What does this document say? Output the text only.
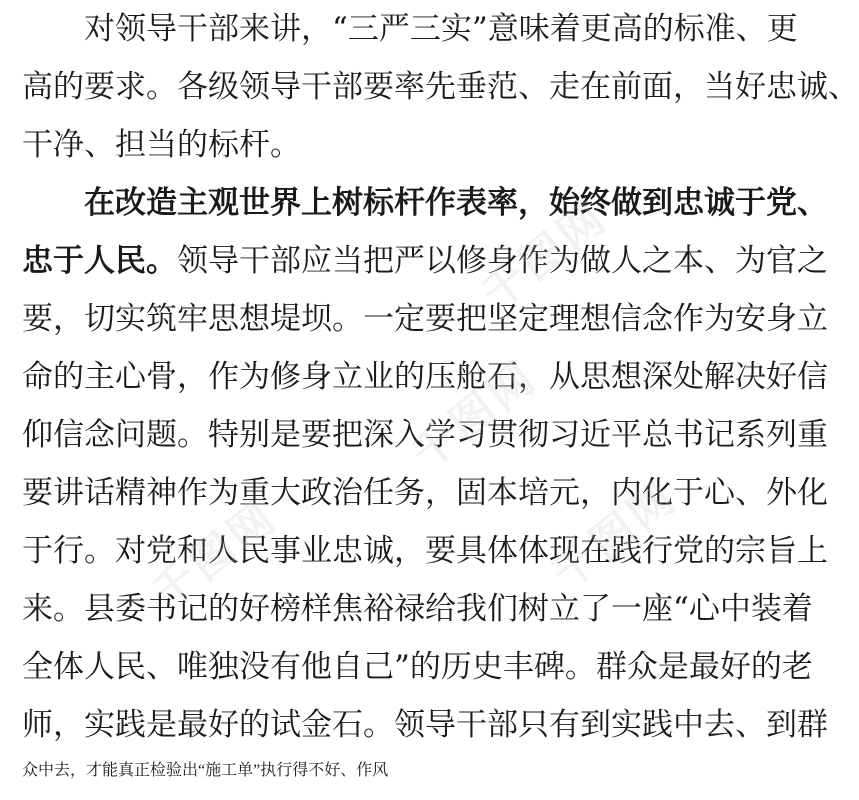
对领导干部来讲，“三严三实”意味着更高的标准、更
高的要求。各级领导干部要率先垂范、走在前面，当好忠诚、
干净、担当的标杆。
在改造主观世界上树标杆作表率，始终做到忠诚于党、
忠于人民。领导干部应当把严以修身作为做人之本、为官之
要，切实筑牢思想堤坝。一定要把坚定理想信念作为安身立
命的主心骨，作为修身立业的压舱石，从思想深处解决好信
仰信念问题。特别是要把深入学习贯彻习近平总书记系列重
要讲话精神作为重大政治任务，固本培元，内化于心、外化
于行。对党和人民事业忠诚，要具体体现在践行党的宗旨上
来。县委书记的好榜样焦裕禄给我们树立了一座“心中装着
全体人民、唯独没有他自己”的历史丰碑。群众是最好的老
师，实践是最好的试金石。领导干部只有到实践中去、到群
众中去，才能真正检验出“施工单”执行得不好、作风
千图网
千图网
千图网	千图网
